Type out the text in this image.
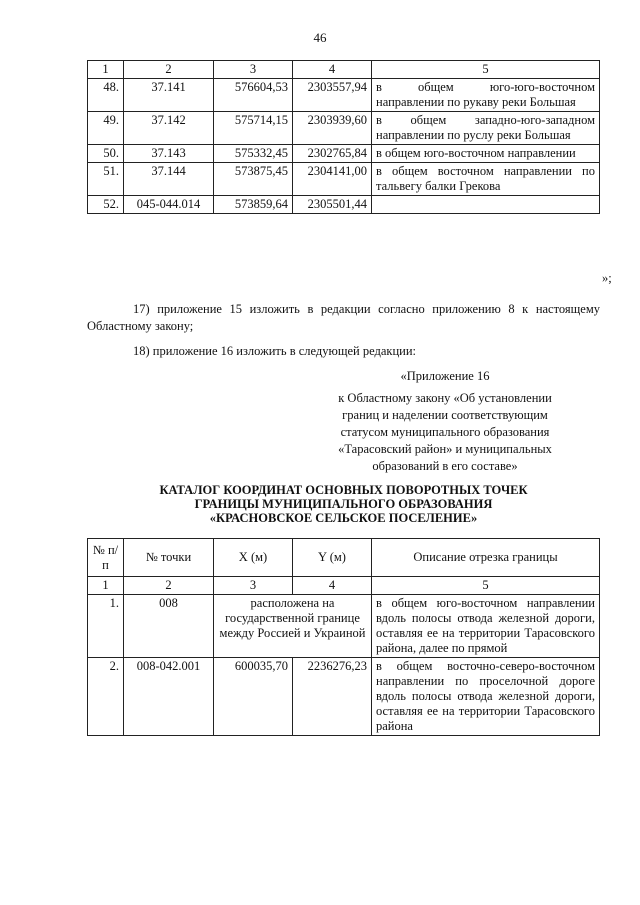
46
1	2	3	4	5
48.	37.141	576604,53	2303557,94	в общем юго-юго-восточном направлении по рукаву реки Большая
49.	37.142	575714,15	2303939,60	в общем западно-юго-западном направлении по руслу реки Большая
50.	37.143	575332,45	2302765,84	в общем юго-восточном направлении
51.	37.144	573875,45	2304141,00	в общем восточном направлении по тальвегу балки Грекова
52.	045-044.014	573859,64	2305501,44	
»;

17) приложение 15 изложить в редакции согласно приложению 8 к настоящему Областному закону;

18) приложение 16 изложить в следующей редакции:

«Приложение 16
к Областному закону «Об установлении
границ и наделении соответствующим
статусом муниципального образования
«Тарасовский район» и муниципальных
образований в его составе»
КАТАЛОГ КООРДИНАТ ОСНОВНЫХ ПОВОРОТНЫХ ТОЧЕК
ГРАНИЦЫ МУНИЦИПАЛЬНОГО ОБРАЗОВАНИЯ
«КРАСНОВСКОЕ СЕЛЬСКОЕ ПОСЕЛЕНИЕ»
№ п/п	№ точки	X (м)	Y (м)	Описание отрезка границы
1	2	3	4	5
1.	008	расположена на государственной границе между Россией и Украиной		в общем юго-восточном направлении вдоль полосы отвода железной дороги, оставляя ее на территории Тарасовского района, далее по прямой
2.	008-042.001	600035,70	2236276,23	в общем восточно-северо-восточном направлении по проселочной дороге вдоль полосы отвода железной дороги, оставляя ее на территории Тарасовского района
